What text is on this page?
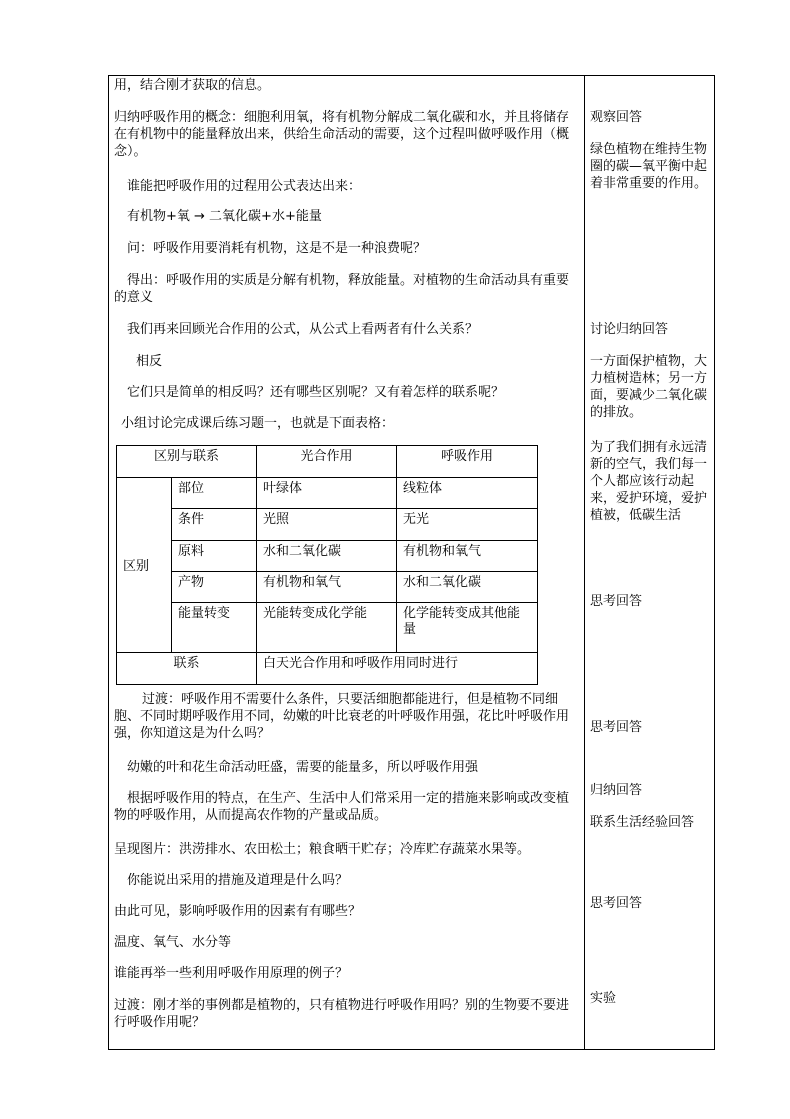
用，结合刚才获取的信息。
归纳呼吸作用的概念：细胞利用氧，将有机物分解成二氧化碳和水，并且将储存在有机物中的能量释放出来，供给生命活动的需要，这个过程叫做呼吸作用（概念）。
谁能把呼吸作用的过程用公式表达出来：
有机物+氧 → 二氧化碳+水+能量
问：呼吸作用要消耗有机物，这是不是一种浪费呢？
得出：呼吸作用的实质是分解有机物，释放能量。对植物的生命活动具有重要的意义
我们再来回顾光合作用的公式，从公式上看两者有什么关系？
相反
它们只是简单的相反吗？还有哪些区别呢？又有着怎样的联系呢？
小组讨论完成课后练习题一，也就是下面表格：
区别与联系		光合作用	呼吸作用
区别	部位	叶绿体	线粒体
	条件	光照	无光
	原料	水和二氧化碳	有机物和氧气
	产物	有机物和氧气	水和二氧化碳
	能量转变	光能转变成化学能	化学能转变成其他能量
联系		白天光合作用和呼吸作用同时进行	
过渡：呼吸作用不需要什么条件，只要活细胞都能进行，但是植物不同细胞、不同时期呼吸作用不同，幼嫩的叶比衰老的叶呼吸作用强，花比叶呼吸作用强，你知道这是为什么吗？
幼嫩的叶和花生命活动旺盛，需要的能量多，所以呼吸作用强
根据呼吸作用的特点，在生产、生活中人们常采用一定的措施来影响或改变植物的呼吸作用，从而提高农作物的产量或品质。
呈现图片：洪涝排水、农田松土；粮食晒干贮存；冷库贮存蔬菜水果等。
你能说出采用的措施及道理是什么吗？
由此可见，影响呼吸作用的因素有有哪些？
温度、氧气、水分等
谁能再举一些利用呼吸作用原理的例子？
过渡：刚才举的事例都是植物的，只有植物进行呼吸作用吗？别的生物要不要进行呼吸作用呢？
观察回答
绿色植物在维持生物圈的碳—氧平衡中起着非常重要的作用。
讨论归纳回答
一方面保护植物，大力植树造林；另一方面，要减少二氧化碳的排放。
为了我们拥有永远清新的空气，我们每一个人都应该行动起来，爱护环境，爱护植被，低碳生活
思考回答
思考回答
归纳回答
联系生活经验回答
思考回答
实验
